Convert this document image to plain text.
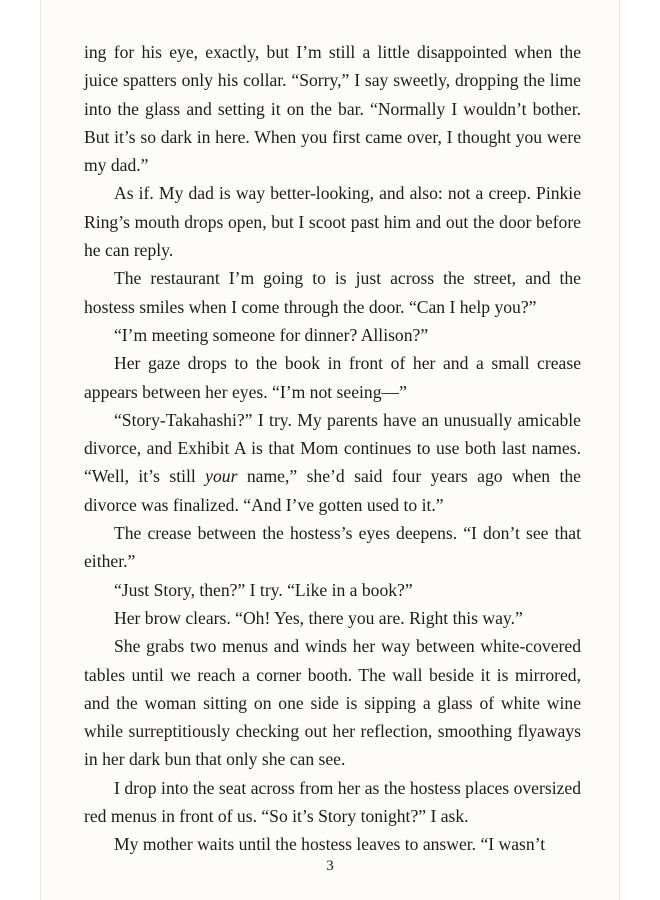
ing for his eye, exactly, but I’m still a little disappointed when the juice spatters only his collar. “Sorry,” I say sweetly, dropping the lime into the glass and setting it on the bar. “Normally I wouldn’t bother. But it’s so dark in here. When you first came over, I thought you were my dad.”

As if. My dad is way better-looking, and also: not a creep. Pinkie Ring’s mouth drops open, but I scoot past him and out the door before he can reply.

The restaurant I’m going to is just across the street, and the hostess smiles when I come through the door. “Can I help you?”

“I’m meeting someone for dinner? Allison?”

Her gaze drops to the book in front of her and a small crease appears between her eyes. “I’m not seeing—”

“Story-Takahashi?” I try. My parents have an unusually amicable divorce, and Exhibit A is that Mom continues to use both last names. “Well, it’s still your name,” she’d said four years ago when the divorce was finalized. “And I’ve gotten used to it.”

The crease between the hostess’s eyes deepens. “I don’t see that either.”

“Just Story, then?” I try. “Like in a book?”

Her brow clears. “Oh! Yes, there you are. Right this way.”

She grabs two menus and winds her way between white-covered tables until we reach a corner booth. The wall beside it is mirrored, and the woman sitting on one side is sipping a glass of white wine while surreptitiously checking out her reflection, smoothing flyaways in her dark bun that only she can see.

I drop into the seat across from her as the hostess places oversized red menus in front of us. “So it’s Story tonight?” I ask.

My mother waits until the hostess leaves to answer. “I wasn’t

3
